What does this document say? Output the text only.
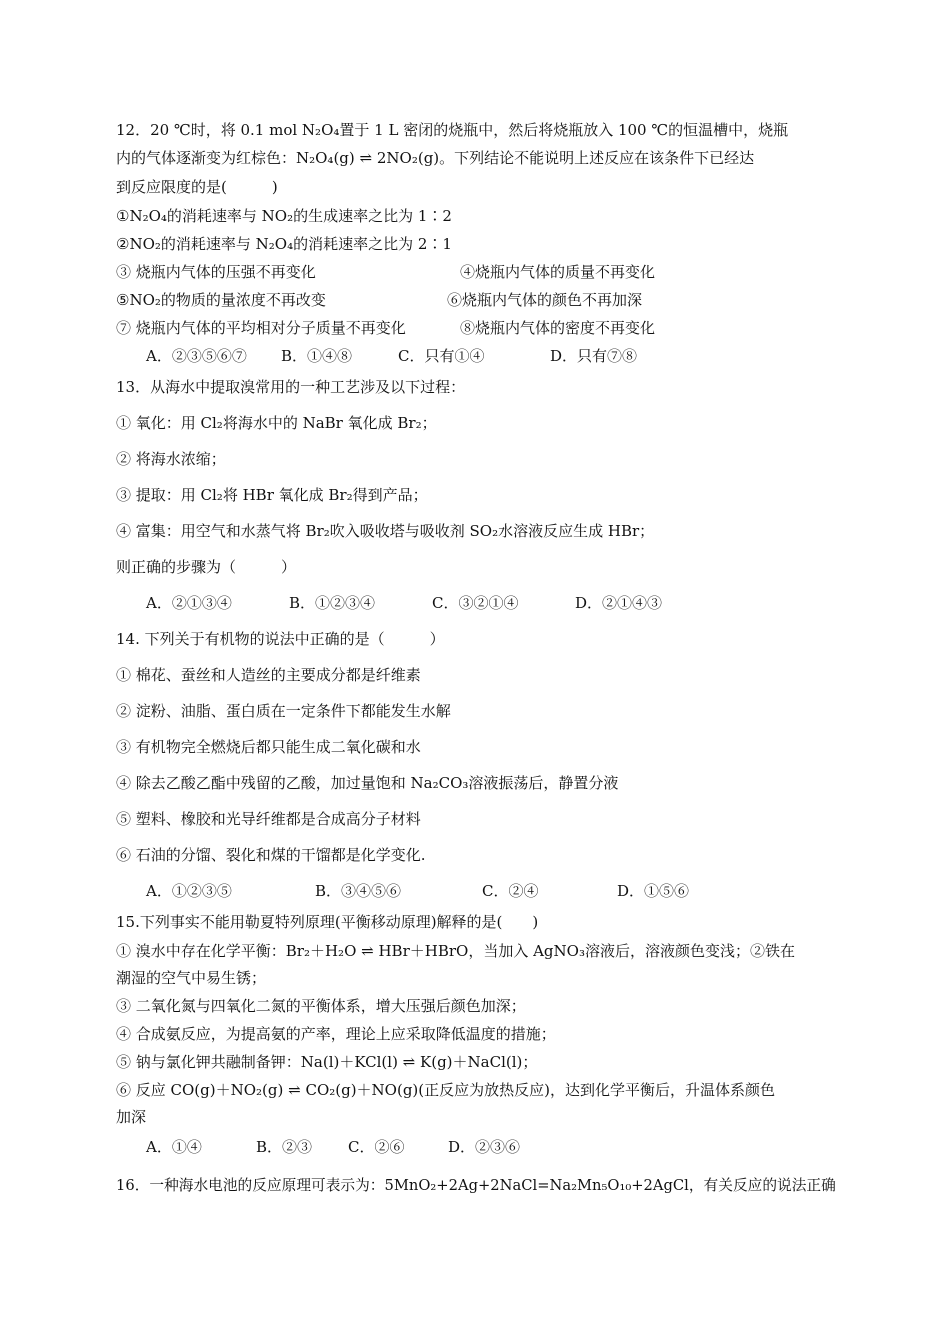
12．20 ℃时，将 0.1 mol N₂O₄置于 1 L 密闭的烧瓶中，然后将烧瓶放入 100 ℃的恒温槽中，烧瓶
内的气体逐渐变为红棕色：N₂O₄(g) ⇌ 2NO₂(g)。下列结论不能说明上述反应在该条件下已经达
到反应限度的是(　　　)
①N₂O₄的消耗速率与 NO₂的生成速率之比为 1∶2
②NO₂的消耗速率与 N₂O₄的消耗速率之比为 2∶1
③ 烧瓶内气体的压强不再变化	④烧瓶内气体的质量不再变化
⑤NO₂的物质的量浓度不再改变	⑥烧瓶内气体的颜色不再加深
⑦ 烧瓶内气体的平均相对分子质量不再变化	⑧烧瓶内气体的密度不再变化
A．②③⑤⑥⑦ B．①④⑧	C．只有①④	D．只有⑦⑧
13．从海水中提取溴常用的一种工艺涉及以下过程：
① 氧化：用 Cl₂将海水中的 NaBr 氧化成 Br₂；
② 将海水浓缩；
③ 提取：用 Cl₂将 HBr 氧化成 Br₂得到产品；
④ 富集：用空气和水蒸气将 Br₂吹入吸收塔与吸收剂 SO₂水溶液反应生成 HBr；
则正确的步骤为（　　　）
A．②①③④	B．①②③④	C．③②①④	D．②①④③
14. 下列关于有机物的说法中正确的是（　　　）
① 棉花、蚕丝和人造丝的主要成分都是纤维素
② 淀粉、油脂、蛋白质在一定条件下都能发生水解
③ 有机物完全燃烧后都只能生成二氧化碳和水
④ 除去乙酸乙酯中残留的乙酸，加过量饱和 Na₂CO₃溶液振荡后，静置分液
⑤ 塑料、橡胶和光导纤维都是合成高分子材料
⑥ 石油的分馏、裂化和煤的干馏都是化学变化.
A．①②③⑤	B．③④⑤⑥	C．②④	D．①⑤⑥
15.下列事实不能用勒夏特列原理(平衡移动原理)解释的是(　　)
① 溴水中存在化学平衡：Br₂＋H₂O ⇌ HBr＋HBrO，当加入 AgNO₃溶液后，溶液颜色变浅；②铁在
潮湿的空气中易生锈；
③ 二氧化氮与四氧化二氮的平衡体系，增大压强后颜色加深；
④ 合成氨反应，为提高氨的产率，理论上应采取降低温度的措施；
⑤ 钠与氯化钾共融制备钾：Na(l)＋KCl(l) ⇌ K(g)＋NaCl(l)；
⑥ 反应 CO(g)＋NO₂(g) ⇌ CO₂(g)＋NO(g)(正反应为放热反应)，达到化学平衡后，升温体系颜色
加深
A．①④	B．②③ C．②⑥	D．②③⑥
16．一种海水电池的反应原理可表示为：5MnO₂+2Ag+2NaCl=Na₂Mn₅O₁₀+2AgCl，有关反应的说法正确
